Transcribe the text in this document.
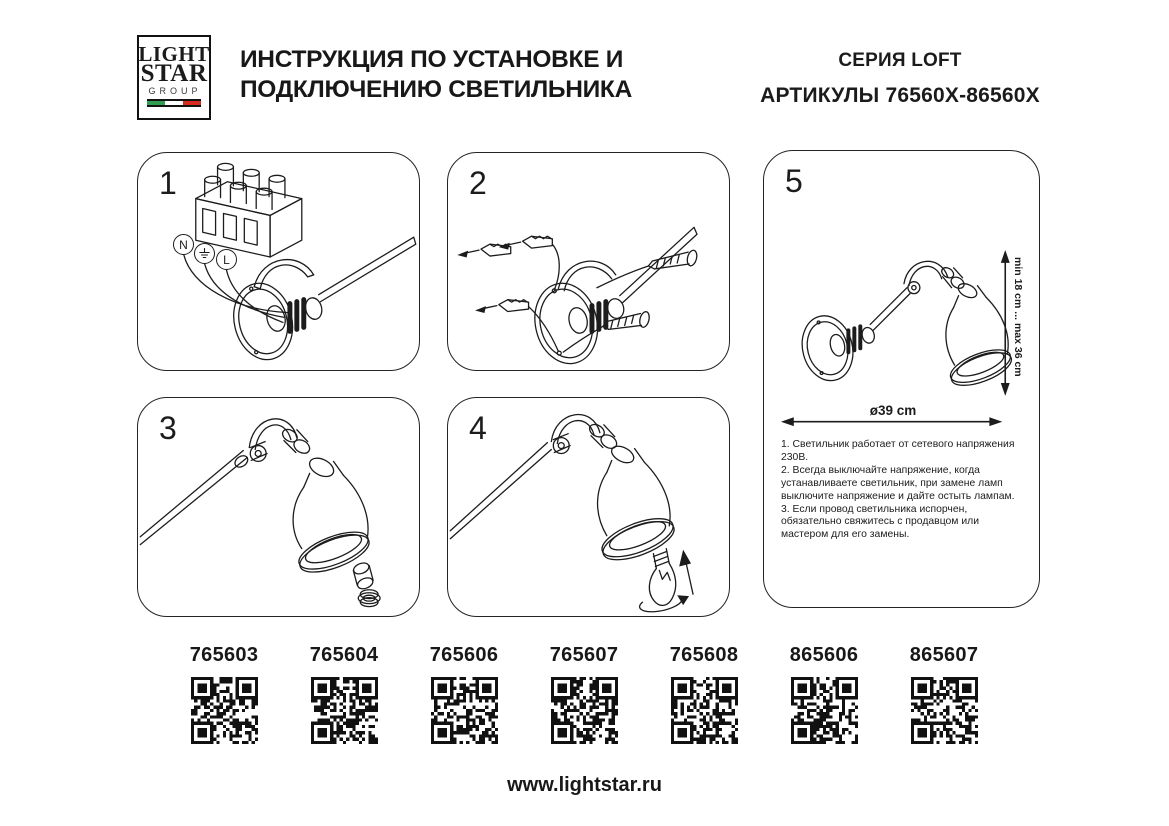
LIGHT
STAR
GROUP
ИНСТРУКЦИЯ ПО УСТАНОВКЕ И
ПОДКЛЮЧЕНИЮ СВЕТИЛЬНИКА
СЕРИЯ LOFT
АРТИКУЛЫ 76560X-86560X
1
N
L
2
3	4
5
min 18 cm ... max 36 cm
ø39 cm

1. Светильник работает от сетевого напряжения 230В.

2. Всегда выключайте напряжение, когда устанавливаете светильник, при замене ламп выключите напряжение и дайте остыть лампам.

3. Если провод светильника испорчен, обязательно свяжитесь с продавцом или мастером для его замены.

765603	765604	765606	765607	765608	865606	865607
www.lightstar.ru
